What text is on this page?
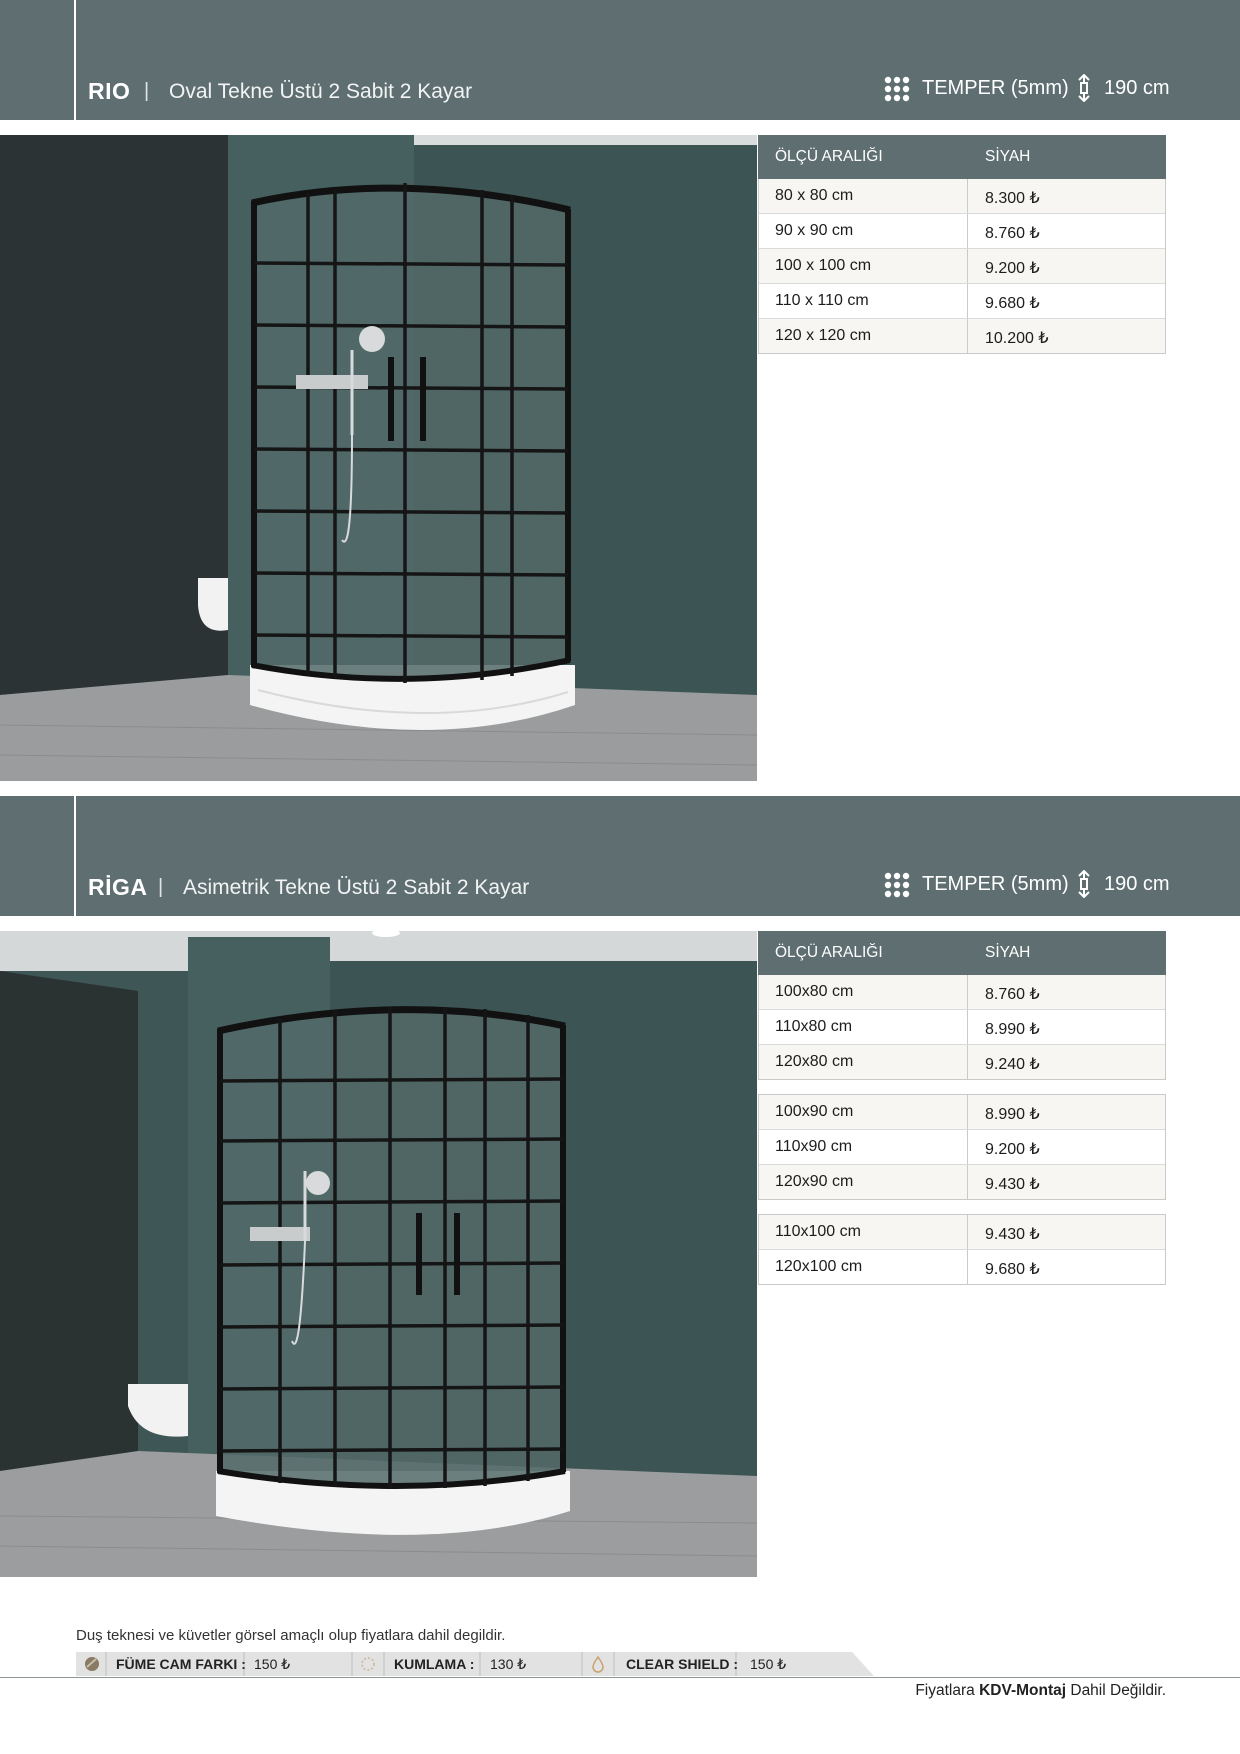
RIO | Oval Tekne Üstü 2 Sabit 2 Kayar	TEMPER (5mm) 190 cm
ÖLÇÜ ARALIĞI	SİYAH
80 x 80 cm	8.300 ₺
90 x 90 cm	8.760 ₺
100 x 100 cm	9.200 ₺
110 x 110 cm	9.680 ₺
120 x 120 cm	10.200 ₺
RİGA | Asimetrik Tekne Üstü 2 Sabit 2 Kayar	TEMPER (5mm) 190 cm
ÖLÇÜ ARALIĞI	SİYAH
100x80 cm	8.760 ₺
110x80 cm	8.990 ₺
120x80 cm	9.240 ₺
100x90 cm	8.990 ₺
110x90 cm	9.200 ₺
120x90 cm	9.430 ₺
110x100 cm	9.430 ₺
120x100 cm	9.680 ₺
Duş teknesi ve küvetler görsel amaçlı olup fiyatlara dahil degildir.
FÜME CAM FARKI : 150 ₺	KUMLAMA : 130 ₺	CLEAR SHIELD : 150 ₺
Fiyatlara KDV-Montaj Dahil Değildir.
